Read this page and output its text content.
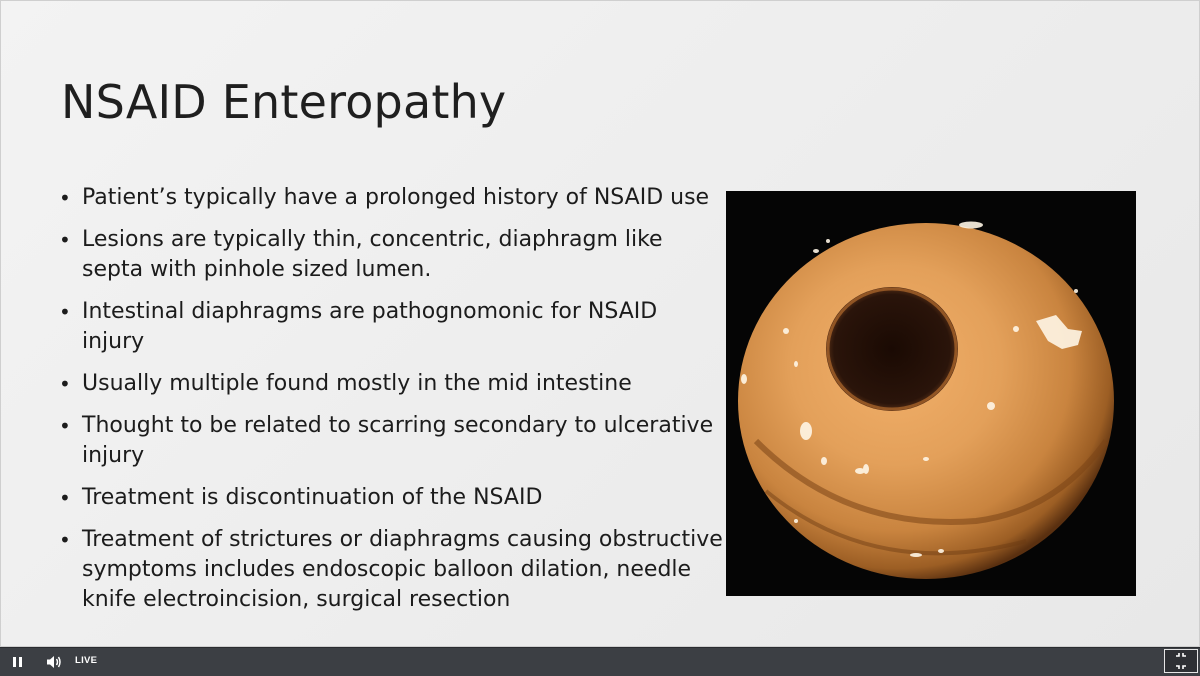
NSAID Enteropathy
• Patient’s typically have a prolonged history of NSAID use
• Lesions are typically thin, concentric, diaphragm like septa with pinhole sized lumen.
• Intestinal diaphragms are pathognomonic for NSAID injury
• Usually multiple found mostly in the mid intestine
• Thought to be related to scarring secondary to ulcerative injury
• Treatment is discontinuation of the NSAID
• Treatment of strictures or diaphragms causing obstructive symptoms includes endoscopic balloon dilation, needle knife electroincision, surgical resection
LIVE
